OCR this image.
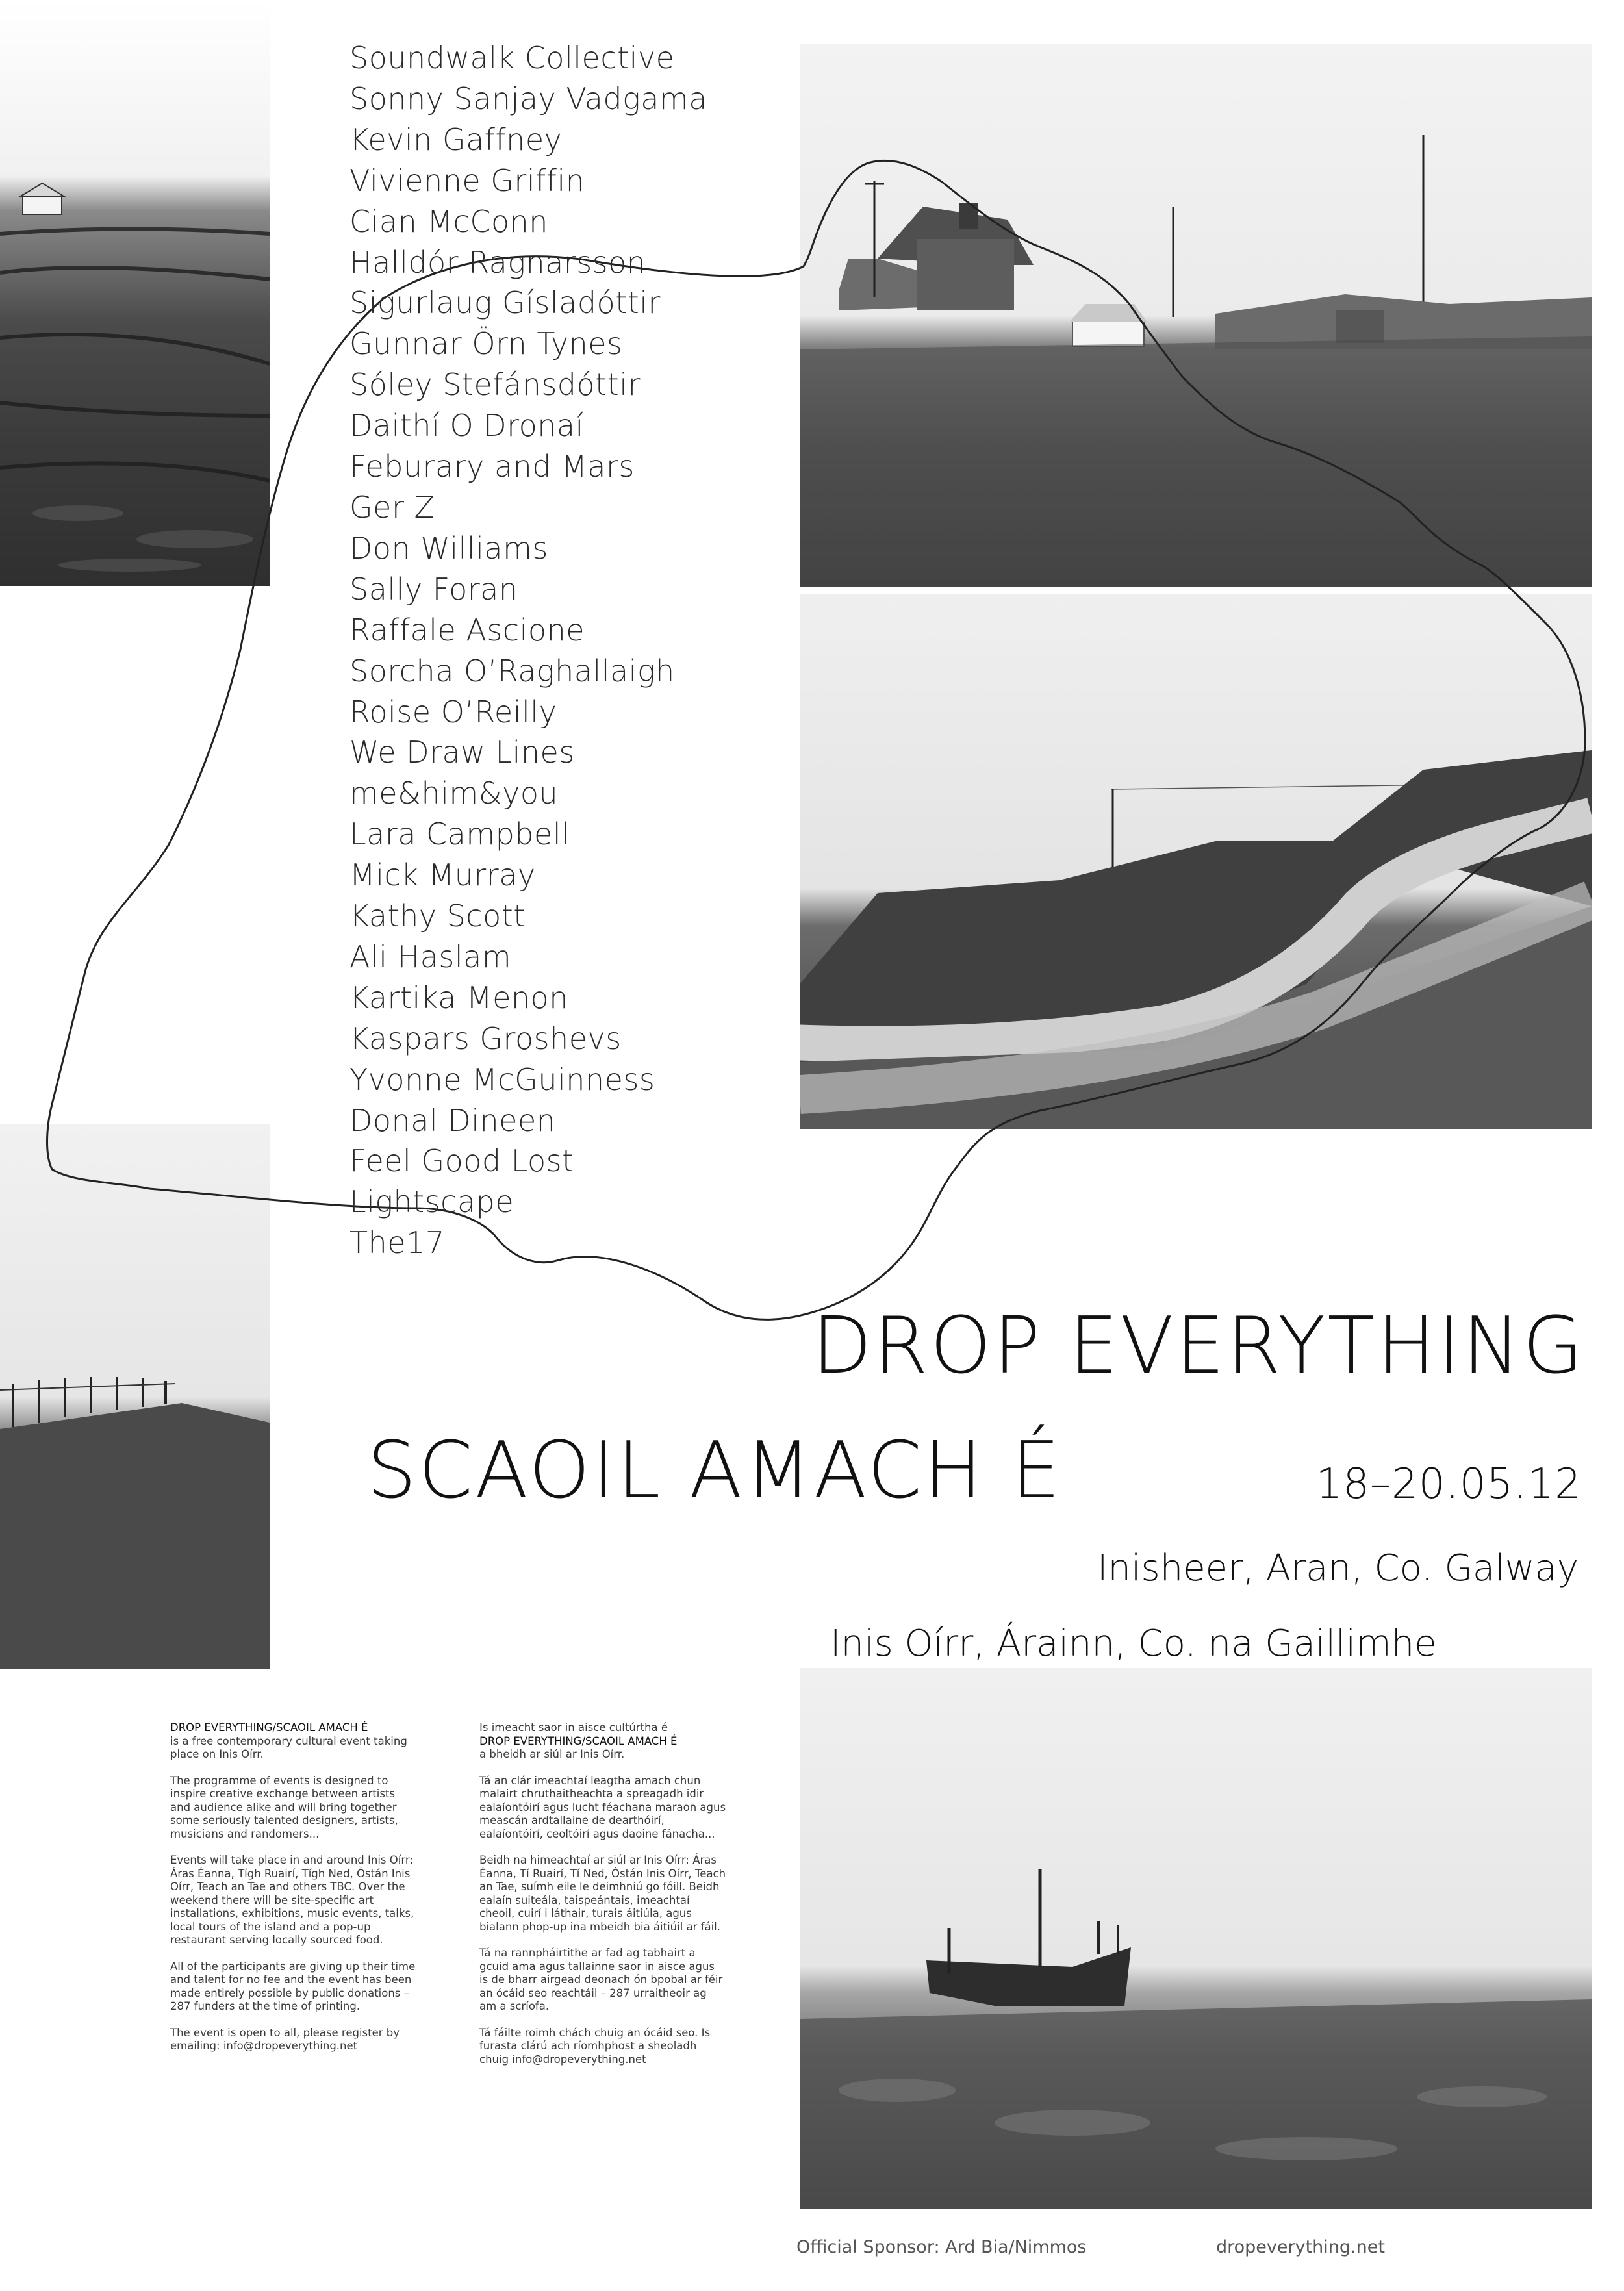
Soundwalk Collective
Sonny Sanjay Vadgama
Kevin Gaffney
Vivienne Griffin
Cian McConn
Halldór Ragnarsson
Sigurlaug Gísladóttir
Gunnar Örn Tynes
Sóley Stefánsdóttir
Daithí O Dronaí
Feburary and Mars
Ger Z
Don Williams
Sally Foran
Raffale Ascione
Sorcha O’Raghallaigh
Roise O’Reilly
We Draw Lines
me&him&you
Lara Campbell
Mick Murray
Kathy Scott
Ali Haslam
Kartika Menon
Kaspars Groshevs
Yvonne McGuinness
Donal Dineen
Feel Good Lost
Lightscape
The17
DROP EVERYTHING
SCAOIL AMACH É	18–20.05.12
Inisheer, Aran, Co. Galway
Inis Oírr, Árainn, Co. na Gaillimhe

DROP EVERYTHING/SCAOIL AMACH É
is a free contemporary cultural event taking place on Inis Oírr.

The programme of events is designed to inspire creative exchange between artists and audience alike and will bring together some seriously talented designers, artists, musicians and randomers...

Events will take place in and around Inis Oírr: Áras Éanna, Tígh Ruairí, Tígh Ned, Óstán Inis Oírr, Teach an Tae and others TBC. Over the weekend there will be site-specific art installations, exhibitions, music events, talks, local tours of the island and a pop-up restaurant serving locally sourced food.

All of the participants are giving up their time and talent for no fee and the event has been made entirely possible by public donations – 287 funders at the time of printing.

The event is open to all, please register by emailing: info@dropeverything.net

Is imeacht saor in aisce cultúrtha é
DROP EVERYTHING/SCAOIL AMACH É
a bheidh ar siúl ar Inis Oírr.

Tá an clár imeachtaí leagtha amach chun malairt chruthaitheachta a spreagadh idir ealaíontóirí agus lucht féachana maraon agus meascán ardtallaine de dearthóirí, ealaíontóirí, ceoltóirí agus daoine fánacha...

Beidh na himeachtaí ar siúl ar Inis Oírr: Áras Éanna, Tí Ruairí, Tí Ned, Óstán Inis Oírr, Teach an Tae, suímh eile le deimhniú go fóill. Beidh ealaín suiteála, taispeántais, imeachtaí cheoil, cuirí i láthair, turais áitiúla, agus bialann phop-up ina mbeidh bia áitiúil ar fáil.

Tá na rannpháirtithe ar fad ag tabhairt a gcuid ama agus tallainne saor in aisce agus is de bharr airgead deonach ón bpobal ar féir an ócáid seo reachtáil – 287 urraitheoir ag am a scríofa.

Tá fáilte roimh chách chuig an ócáid seo. Is furasta clárú ach ríomhphost a sheoladh chuig info@dropeverything.net

Official Sponsor: Ard Bia/Nimmos	dropeverything.net
